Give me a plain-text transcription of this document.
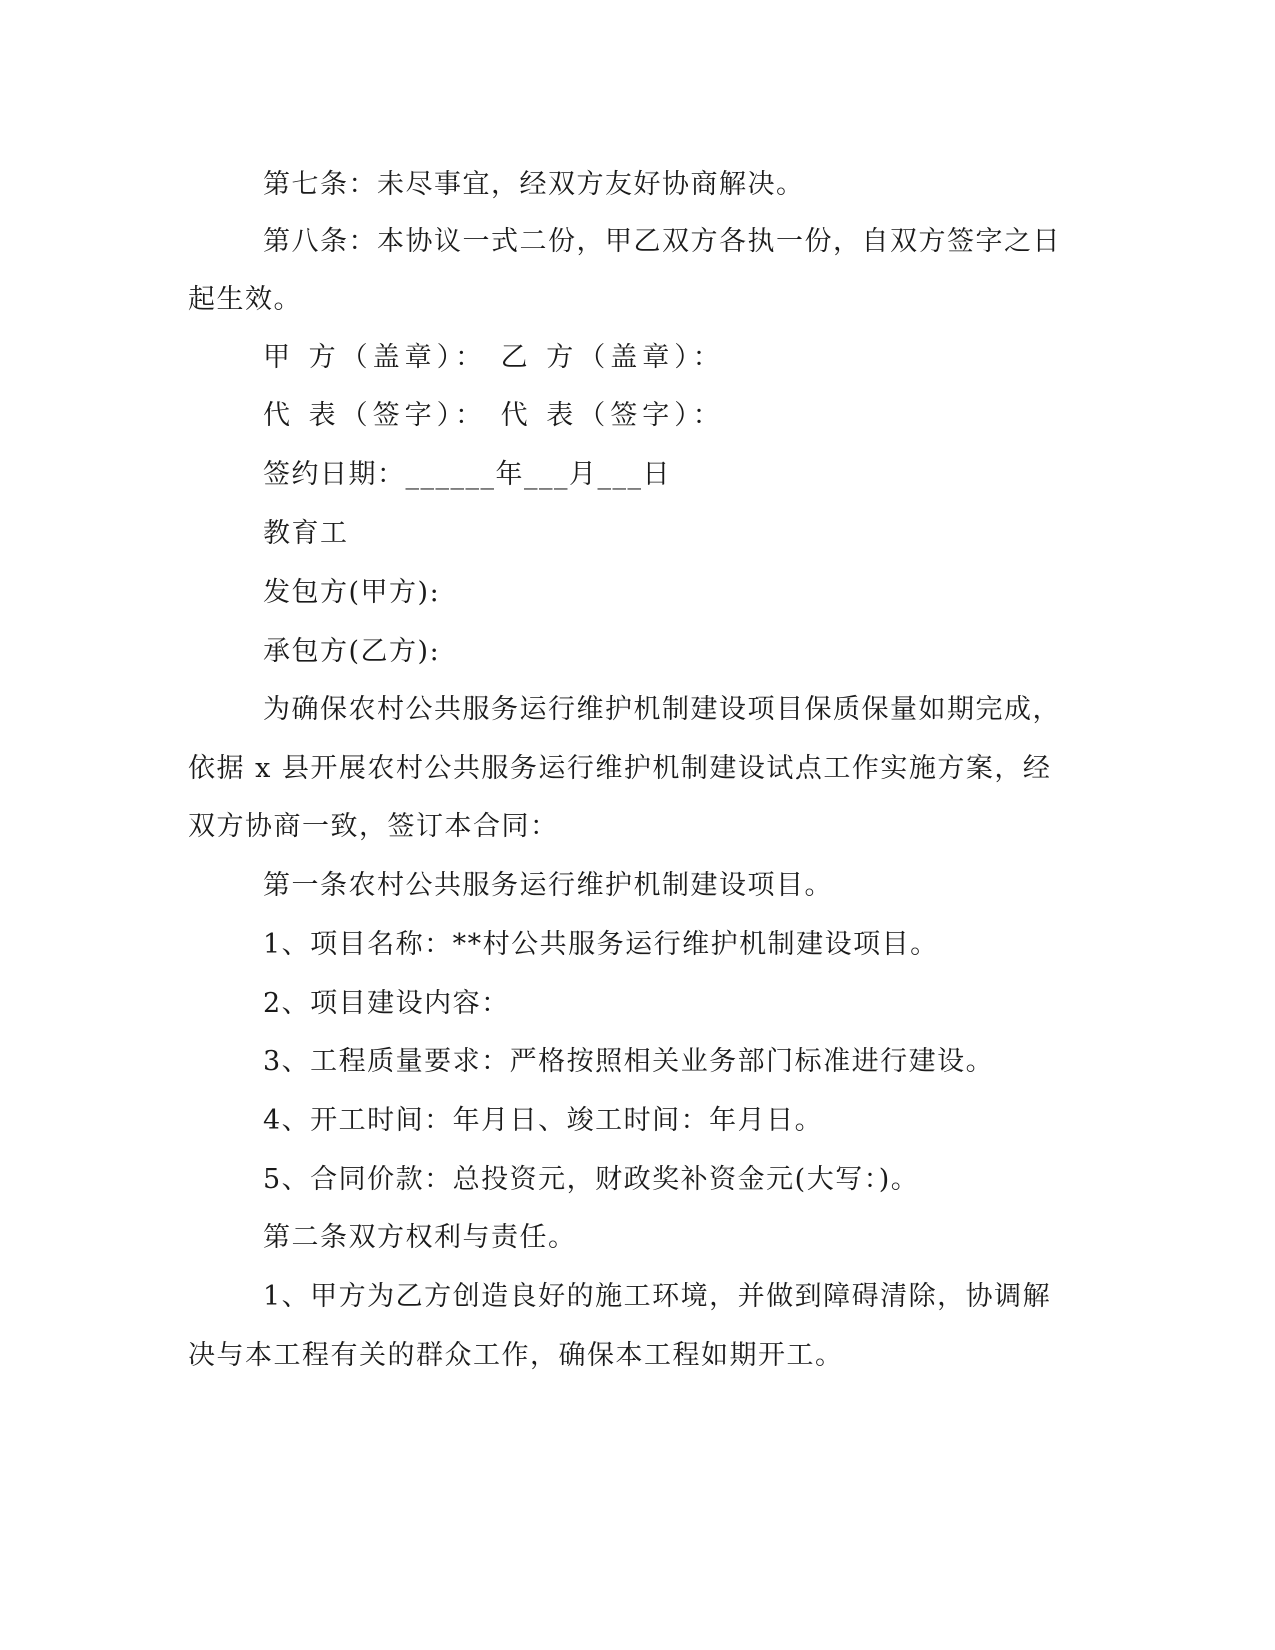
第七条：未尽事宜，经双方友好协商解决。
第八条：本协议一式二份，甲乙双方各执一份，自双方签字之日
起生效。
甲 方（盖章）： 乙 方（盖章）：
代 表（签字）： 代 表（签字）：
签约日期：______年___月___日
教育工
发包方(甲方):
承包方(乙方):
为确保农村公共服务运行维护机制建设项目保质保量如期完成，
依据 x 县开展农村公共服务运行维护机制建设试点工作实施方案，经
双方协商一致，签订本合同：
第一条农村公共服务运行维护机制建设项目。
1、项目名称：**村公共服务运行维护机制建设项目。
2、项目建设内容：
3、工程质量要求：严格按照相关业务部门标准进行建设。
4、开工时间：年月日、竣工时间：年月日。
5、合同价款：总投资元，财政奖补资金元(大写：)。
第二条双方权利与责任。
1、甲方为乙方创造良好的施工环境，并做到障碍清除，协调解
决与本工程有关的群众工作，确保本工程如期开工。
